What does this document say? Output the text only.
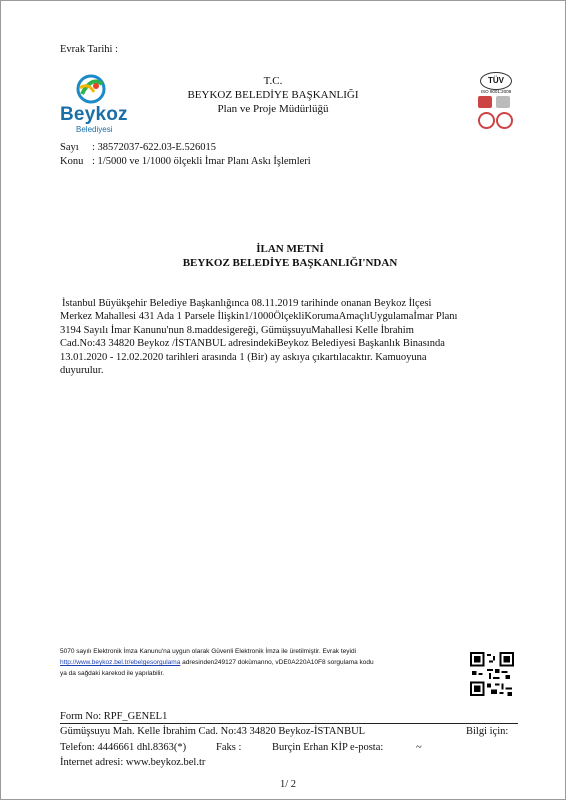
Evrak Tarihi :
Beykoz
Belediyesi
T.C.
BEYKOZ BELEDİYE BAŞKANLIĞI
Plan ve Proje Müdürlüğü
TÜV
ISO 9001:2008
Sayı : 38572037-622.03-E.526015
Konu : 1/5000 ve 1/1000 ölçekli İmar Planı Askı İşlemleri
İLAN METNİ
BEYKOZ BELEDİYE BAŞKANLIĞI'NDAN
İstanbul Büyükşehir Belediye Başkanlığınca 08.11.2019 tarihinde onanan Beykoz İlçesi
Merkez Mahallesi 431 Ada 1 Parsele İlişkin1/1000ÖlçekliKorumaAmaçlıUygulamaİmar Planı
3194 Sayılı İmar Kanunu'nun 8.maddesigereği, GümüşsuyuMahallesi Kelle İbrahim
Cad.No:43 34820 Beykoz /İSTANBUL adresindekiBeykoz Belediyesi Başkanlık Binasında
13.01.2020 - 12.02.2020 tarihleri arasında 1 (Bir) ay askıya çıkartılacaktır. Kamuoyuna
duyurulur.
5070 sayılı Elektronik İmza Kanunu'na uygun olarak Güvenli Elektronik İmza ile üretilmiştir. Evrak teyidi
http://www.beykoz.bel.tr/ebelgesorgulama adresinden249127 dokümanno, vDE0A220A10F8 sorgulama kodu
ya da sağdaki karekod ile yapılabilir.
Form No: RPF_GENEL1
Gümüşsuyu Mah. Kelle İbrahim Cad. No:43 34820 Beykoz-İSTANBUL	Bilgi için:
Telefon: 4446661 dhl.8363(*)	Faks :	Burçin Erhan KİP e-posta:	~
İnternet adresi: www.beykoz.bel.tr
1/ 2
